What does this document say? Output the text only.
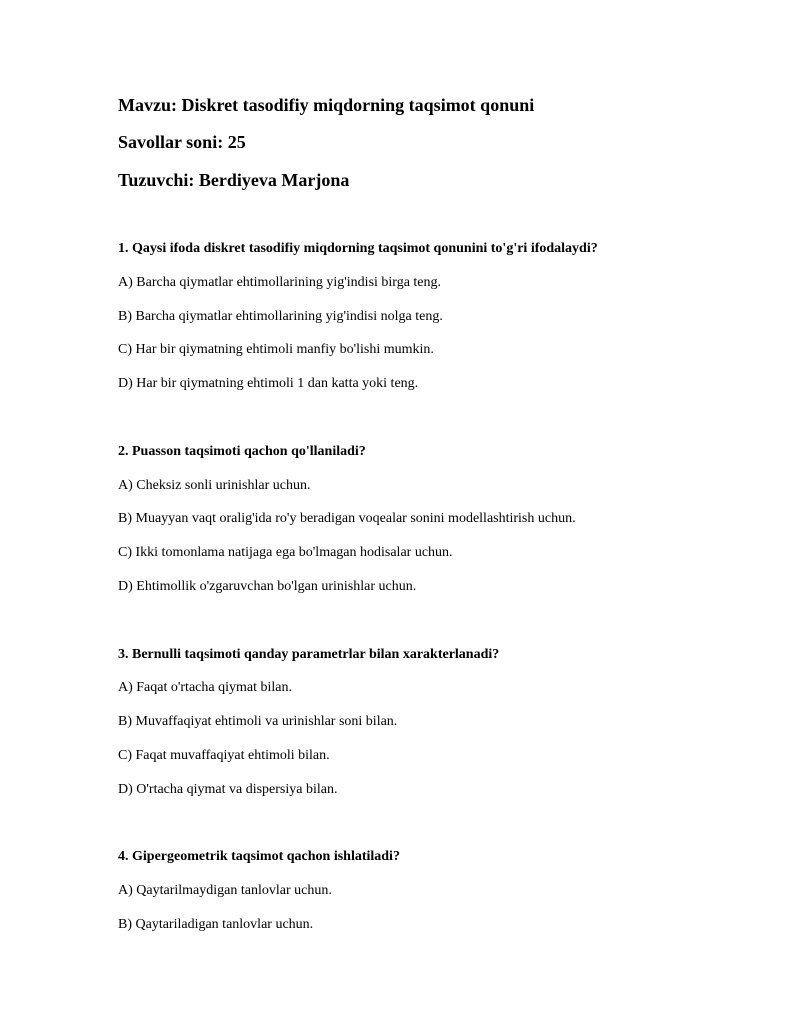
Mavzu: Diskret tasodifiy miqdorning taqsimot qonuni
Savollar soni: 25
Tuzuvchi: Berdiyeva Marjona
1. Qaysi ifoda diskret tasodifiy miqdorning taqsimot qonunini to'g'ri ifodalaydi?
A) Barcha qiymatlar ehtimollarining yig'indisi birga teng.
B) Barcha qiymatlar ehtimollarining yig'indisi nolga teng.
C) Har bir qiymatning ehtimoli manfiy bo'lishi mumkin.
D) Har bir qiymatning ehtimoli 1 dan katta yoki teng.
2. Puasson taqsimoti qachon qo'llaniladi?
A) Cheksiz sonli urinishlar uchun.
B) Muayyan vaqt oralig'ida ro'y beradigan voqealar sonini modellashtirish uchun.
C) Ikki tomonlama natijaga ega bo'lmagan hodisalar uchun.
D) Ehtimollik o'zgaruvchan bo'lgan urinishlar uchun.
3. Bernulli taqsimoti qanday parametrlar bilan xarakterlanadi?
A) Faqat o'rtacha qiymat bilan.
B) Muvaffaqiyat ehtimoli va urinishlar soni bilan.
C) Faqat muvaffaqiyat ehtimoli bilan.
D) O'rtacha qiymat va dispersiya bilan.
4. Gipergeometrik taqsimot qachon ishlatiladi?
A) Qaytarilmaydigan tanlovlar uchun.
B) Qaytariladigan tanlovlar uchun.
